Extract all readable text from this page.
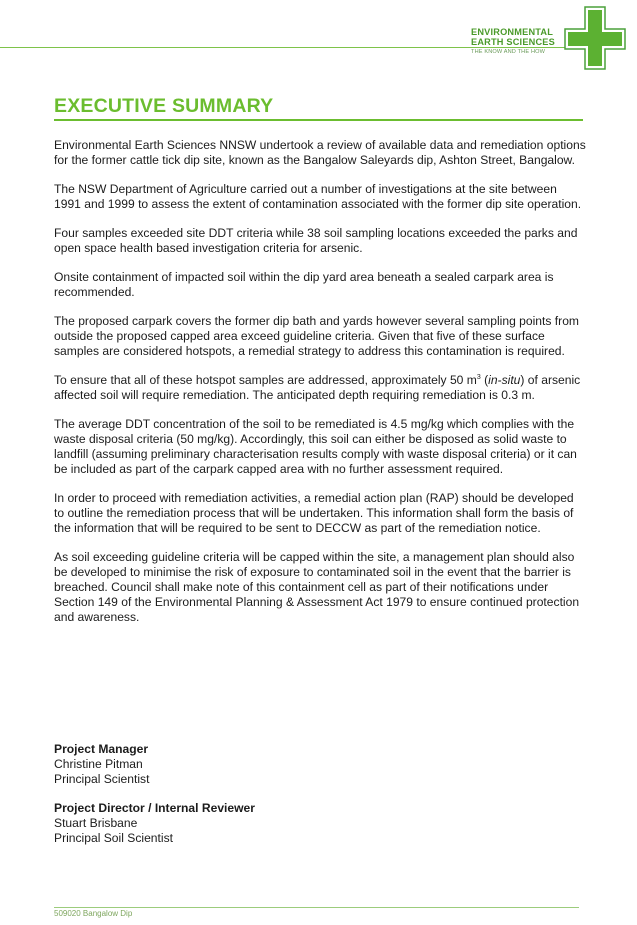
ENVIRONMENTAL
EARTH SCIENCES
THE KNOW AND THE HOW
EXECUTIVE SUMMARY

Environmental Earth Sciences NNSW undertook a review of available data and remediation options for the former cattle tick dip site, known as the Bangalow Saleyards dip, Ashton Street, Bangalow.

The NSW Department of Agriculture carried out a number of investigations at the site between 1991 and 1999 to assess the extent of contamination associated with the former dip site operation.

Four samples exceeded site DDT criteria while 38 soil sampling locations exceeded the parks and open space health based investigation criteria for arsenic.

Onsite containment of impacted soil within the dip yard area beneath a sealed carpark area is recommended.

The proposed carpark covers the former dip bath and yards however several sampling points from outside the proposed capped area exceed guideline criteria. Given that five of these surface samples are considered hotspots, a remedial strategy to address this contamination is required.

To ensure that all of these hotspot samples are addressed, approximately 50 $m^3$ (in-situ) of arsenic affected soil will require remediation. The anticipated depth requiring remediation is 0.3 m.

The average DDT concentration of the soil to be remediated is 4.5 mg/kg which complies with the waste disposal criteria (50 mg/kg). Accordingly, this soil can either be disposed as solid waste to landfill (assuming preliminary characterisation results comply with waste disposal criteria) or it can be included as part of the carpark capped area with no further assessment required.

In order to proceed with remediation activities, a remedial action plan (RAP) should be developed to outline the remediation process that will be undertaken. This information shall form the basis of the information that will be required to be sent to DECCW as part of the remediation notice.

As soil exceeding guideline criteria will be capped within the site, a management plan should also be developed to minimise the risk of exposure to contaminated soil in the event that the barrier is breached. Council shall make note of this containment cell as part of their notifications under Section 149 of the Environmental Planning & Assessment Act 1979 to ensure continued protection and awareness.

Project Manager
Christine Pitman
Principal Scientist
Project Director / Internal Reviewer
Stuart Brisbane
Principal Soil Scientist
509020 Bangalow Dip
